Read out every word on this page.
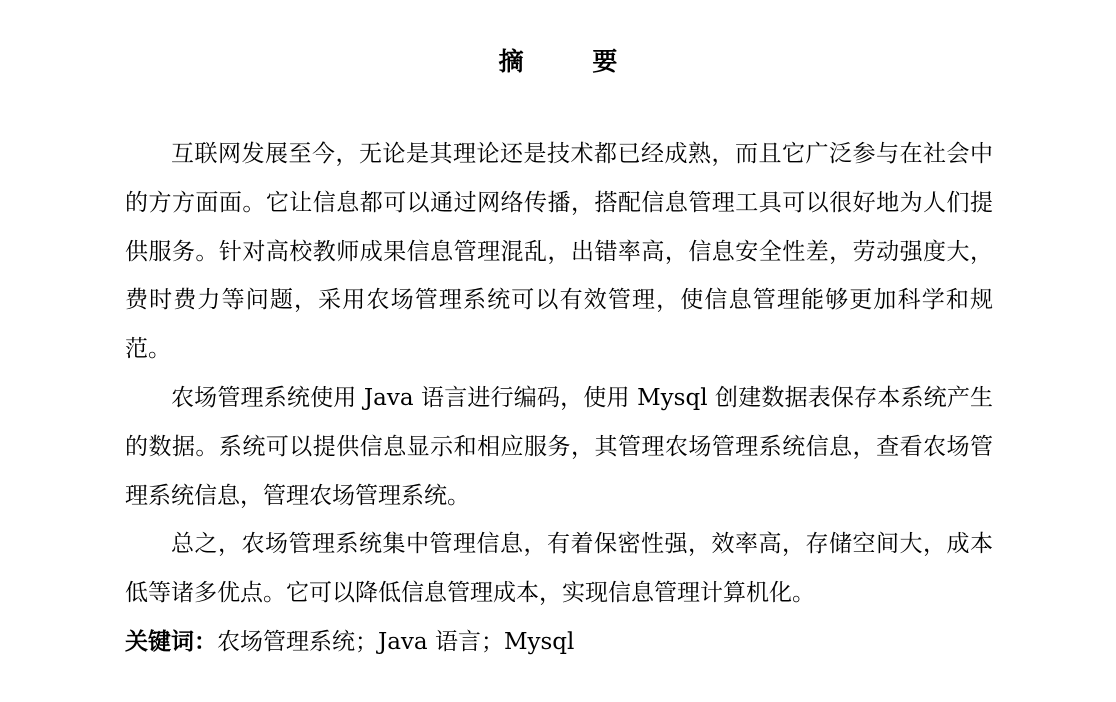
摘 要

互联网发展至今，无论是其理论还是技术都已经成熟，而且它广泛参与在社会中的方方面面。它让信息都可以通过网络传播，搭配信息管理工具可以很好地为人们提供服务。针对高校教师成果信息管理混乱，出错率高，信息安全性差，劳动强度大，费时费力等问题，采用农场管理系统可以有效管理，使信息管理能够更加科学和规范。

农场管理系统使用 Java 语言进行编码，使用 Mysql 创建数据表保存本系统产生的数据。系统可以提供信息显示和相应服务，其管理农场管理系统信息，查看农场管理系统信息，管理农场管理系统。

总之，农场管理系统集中管理信息，有着保密性强，效率高，存储空间大，成本低等诸多优点。它可以降低信息管理成本，实现信息管理计算机化。

关键词：农场管理系统；Java 语言；Mysql
